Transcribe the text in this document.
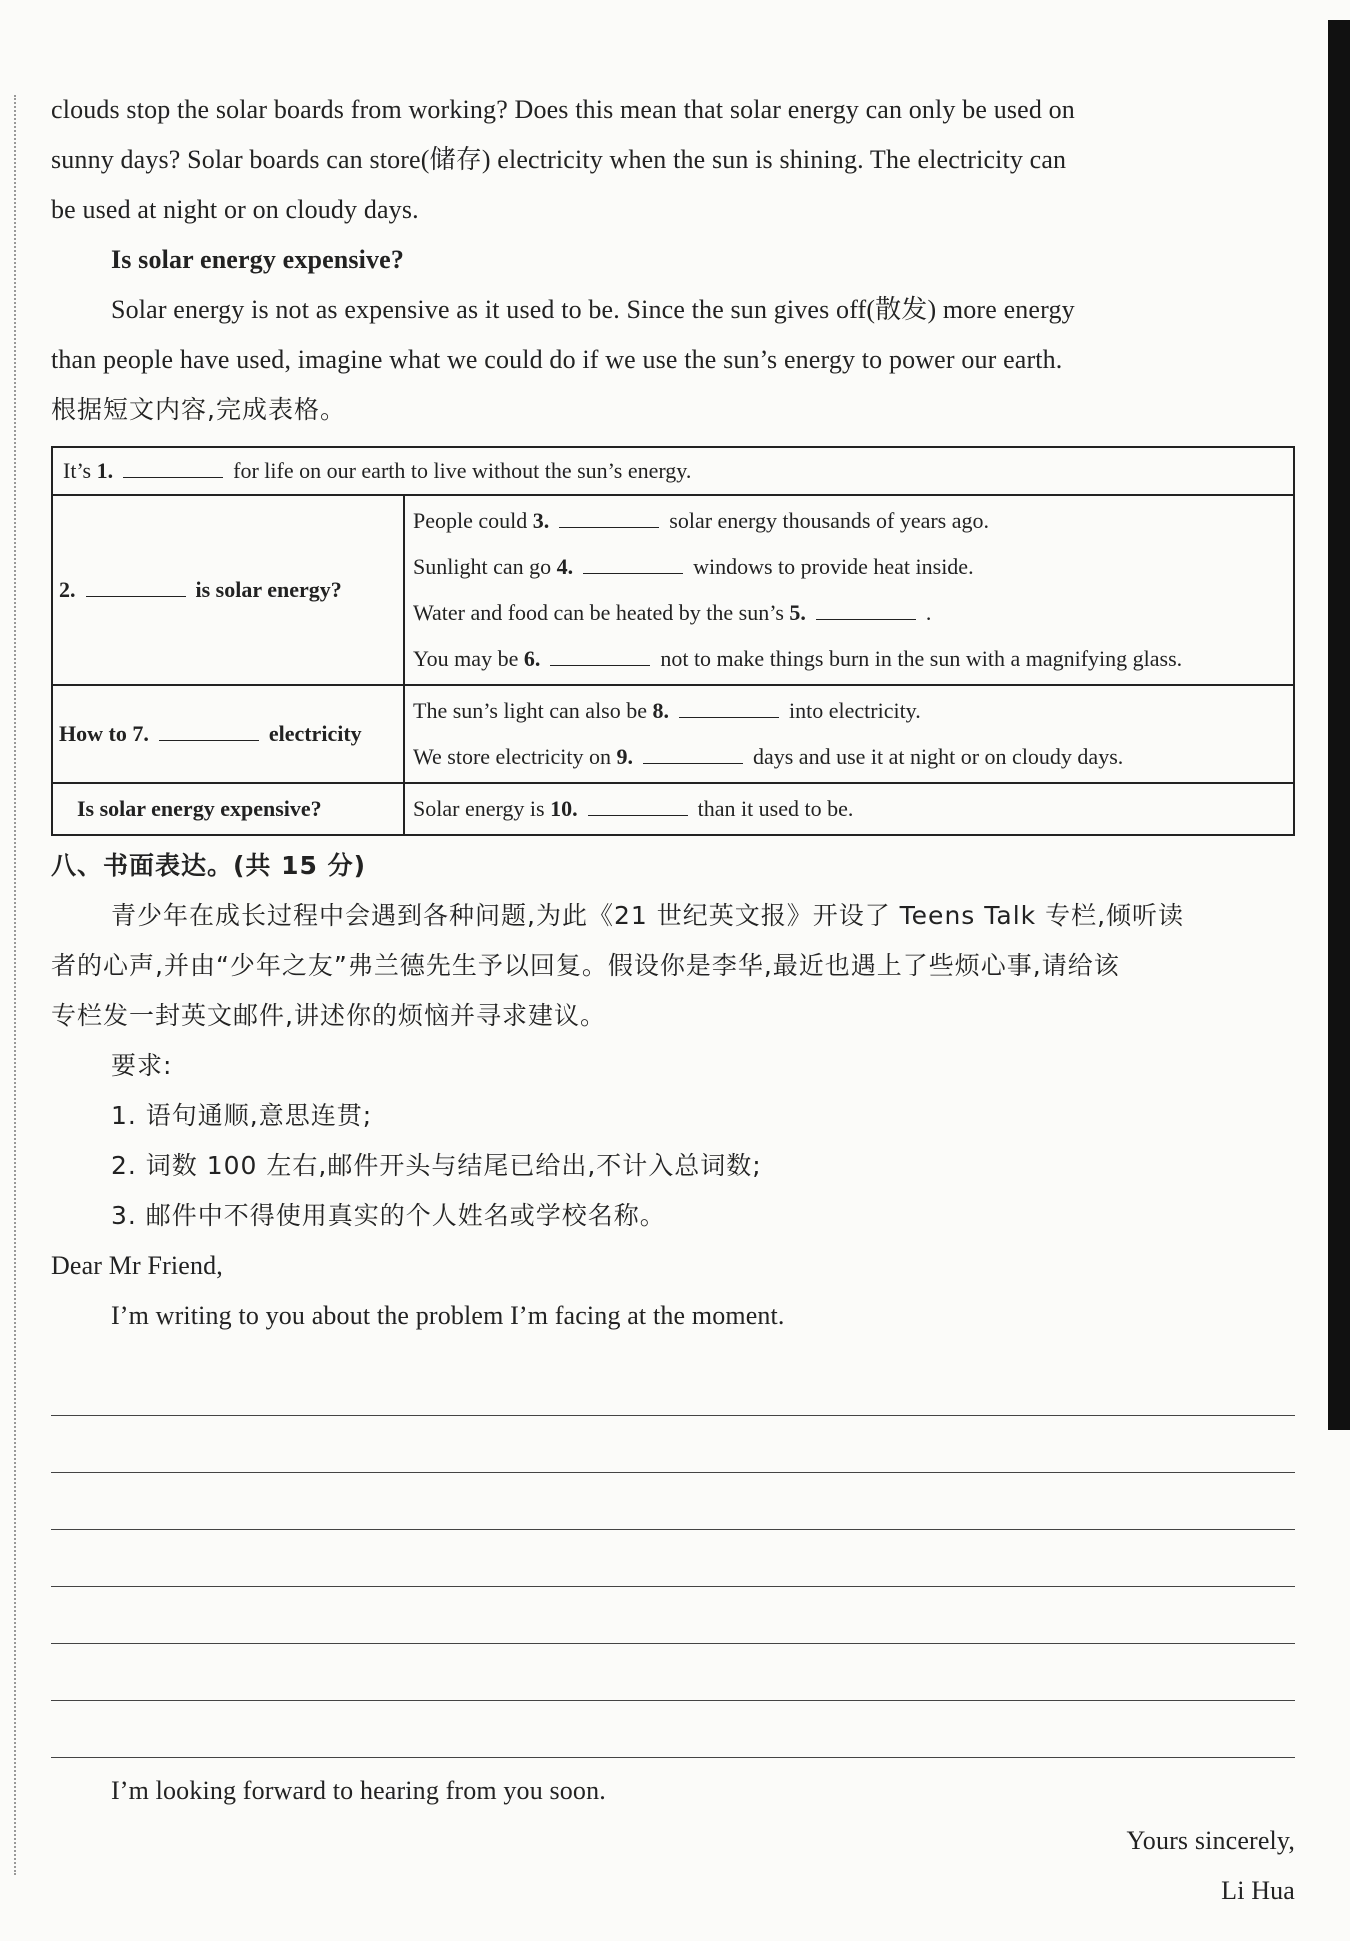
clouds stop the solar boards from working? Does this mean that solar energy can only be used on
sunny days? Solar boards can store(储存) electricity when the sun is shining. The electricity can
be used at night or on cloudy days.
Is solar energy expensive?
Solar energy is not as expensive as it used to be. Since the sun gives off(散发) more energy
than people have used, imagine what we could do if we use the sun’s energy to power our earth.
根据短文内容,完成表格。
It’s 1. for life on our earth to live without the sun’s energy.	
2. is solar energy?	People could 3. solar energy thousands of years ago.
Sunlight can go 4. windows to provide heat inside.
Water and food can be heated by the sun’s 5. .
You may be 6. not to make things burn in the sun with a magnifying glass.

How to 7. electricity	The sun’s light can also be 8. into electricity.
We store electricity on 9. days and use it at night or on cloudy days.

Is solar energy expensive?	Solar energy is 10. than it used to be.
八、书面表达。(共 15 分)
青少年在成长过程中会遇到各种问题,为此《21 世纪英文报》开设了 Teens Talk 专栏,倾听读
者的心声,并由“少年之友”弗兰德先生予以回复。假设你是李华,最近也遇上了些烦心事,请给该
专栏发一封英文邮件,讲述你的烦恼并寻求建议。
要求:
1. 语句通顺,意思连贯;
2. 词数 100 左右,邮件开头与结尾已给出,不计入总词数;
3. 邮件中不得使用真实的个人姓名或学校名称。
Dear Mr Friend,
I’m writing to you about the problem I’m facing at the moment.
I’m looking forward to hearing from you soon.
Yours sincerely,
Li Hua
